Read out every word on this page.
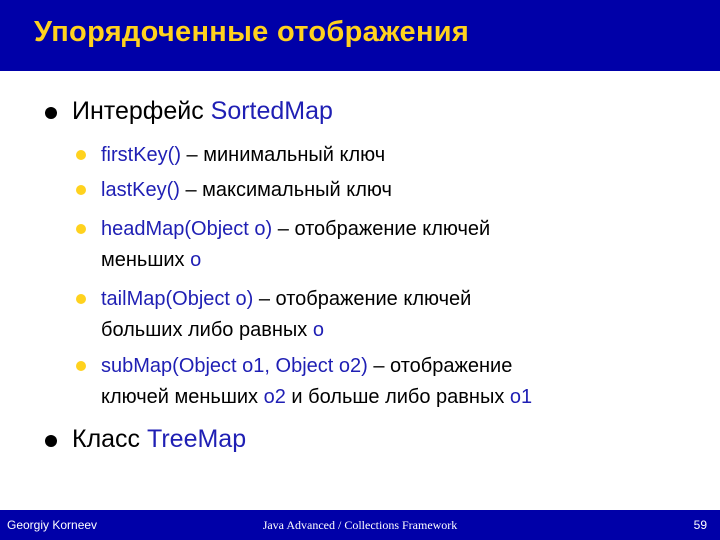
Упорядоченные отображения
Интерфейс SortedMap
firstKey() – минимальный ключ
lastKey() – максимальный ключ
headMap(Object o) – отображение ключей
меньших o
tailMap(Object o) – отображение ключей
больших либо равных o
subMap(Object o1, Object o2) – отображение
ключей меньших o2 и больше либо равных o1
Класс TreeMap
Georgiy Korneev	Java Advanced / Collections Framework	59
